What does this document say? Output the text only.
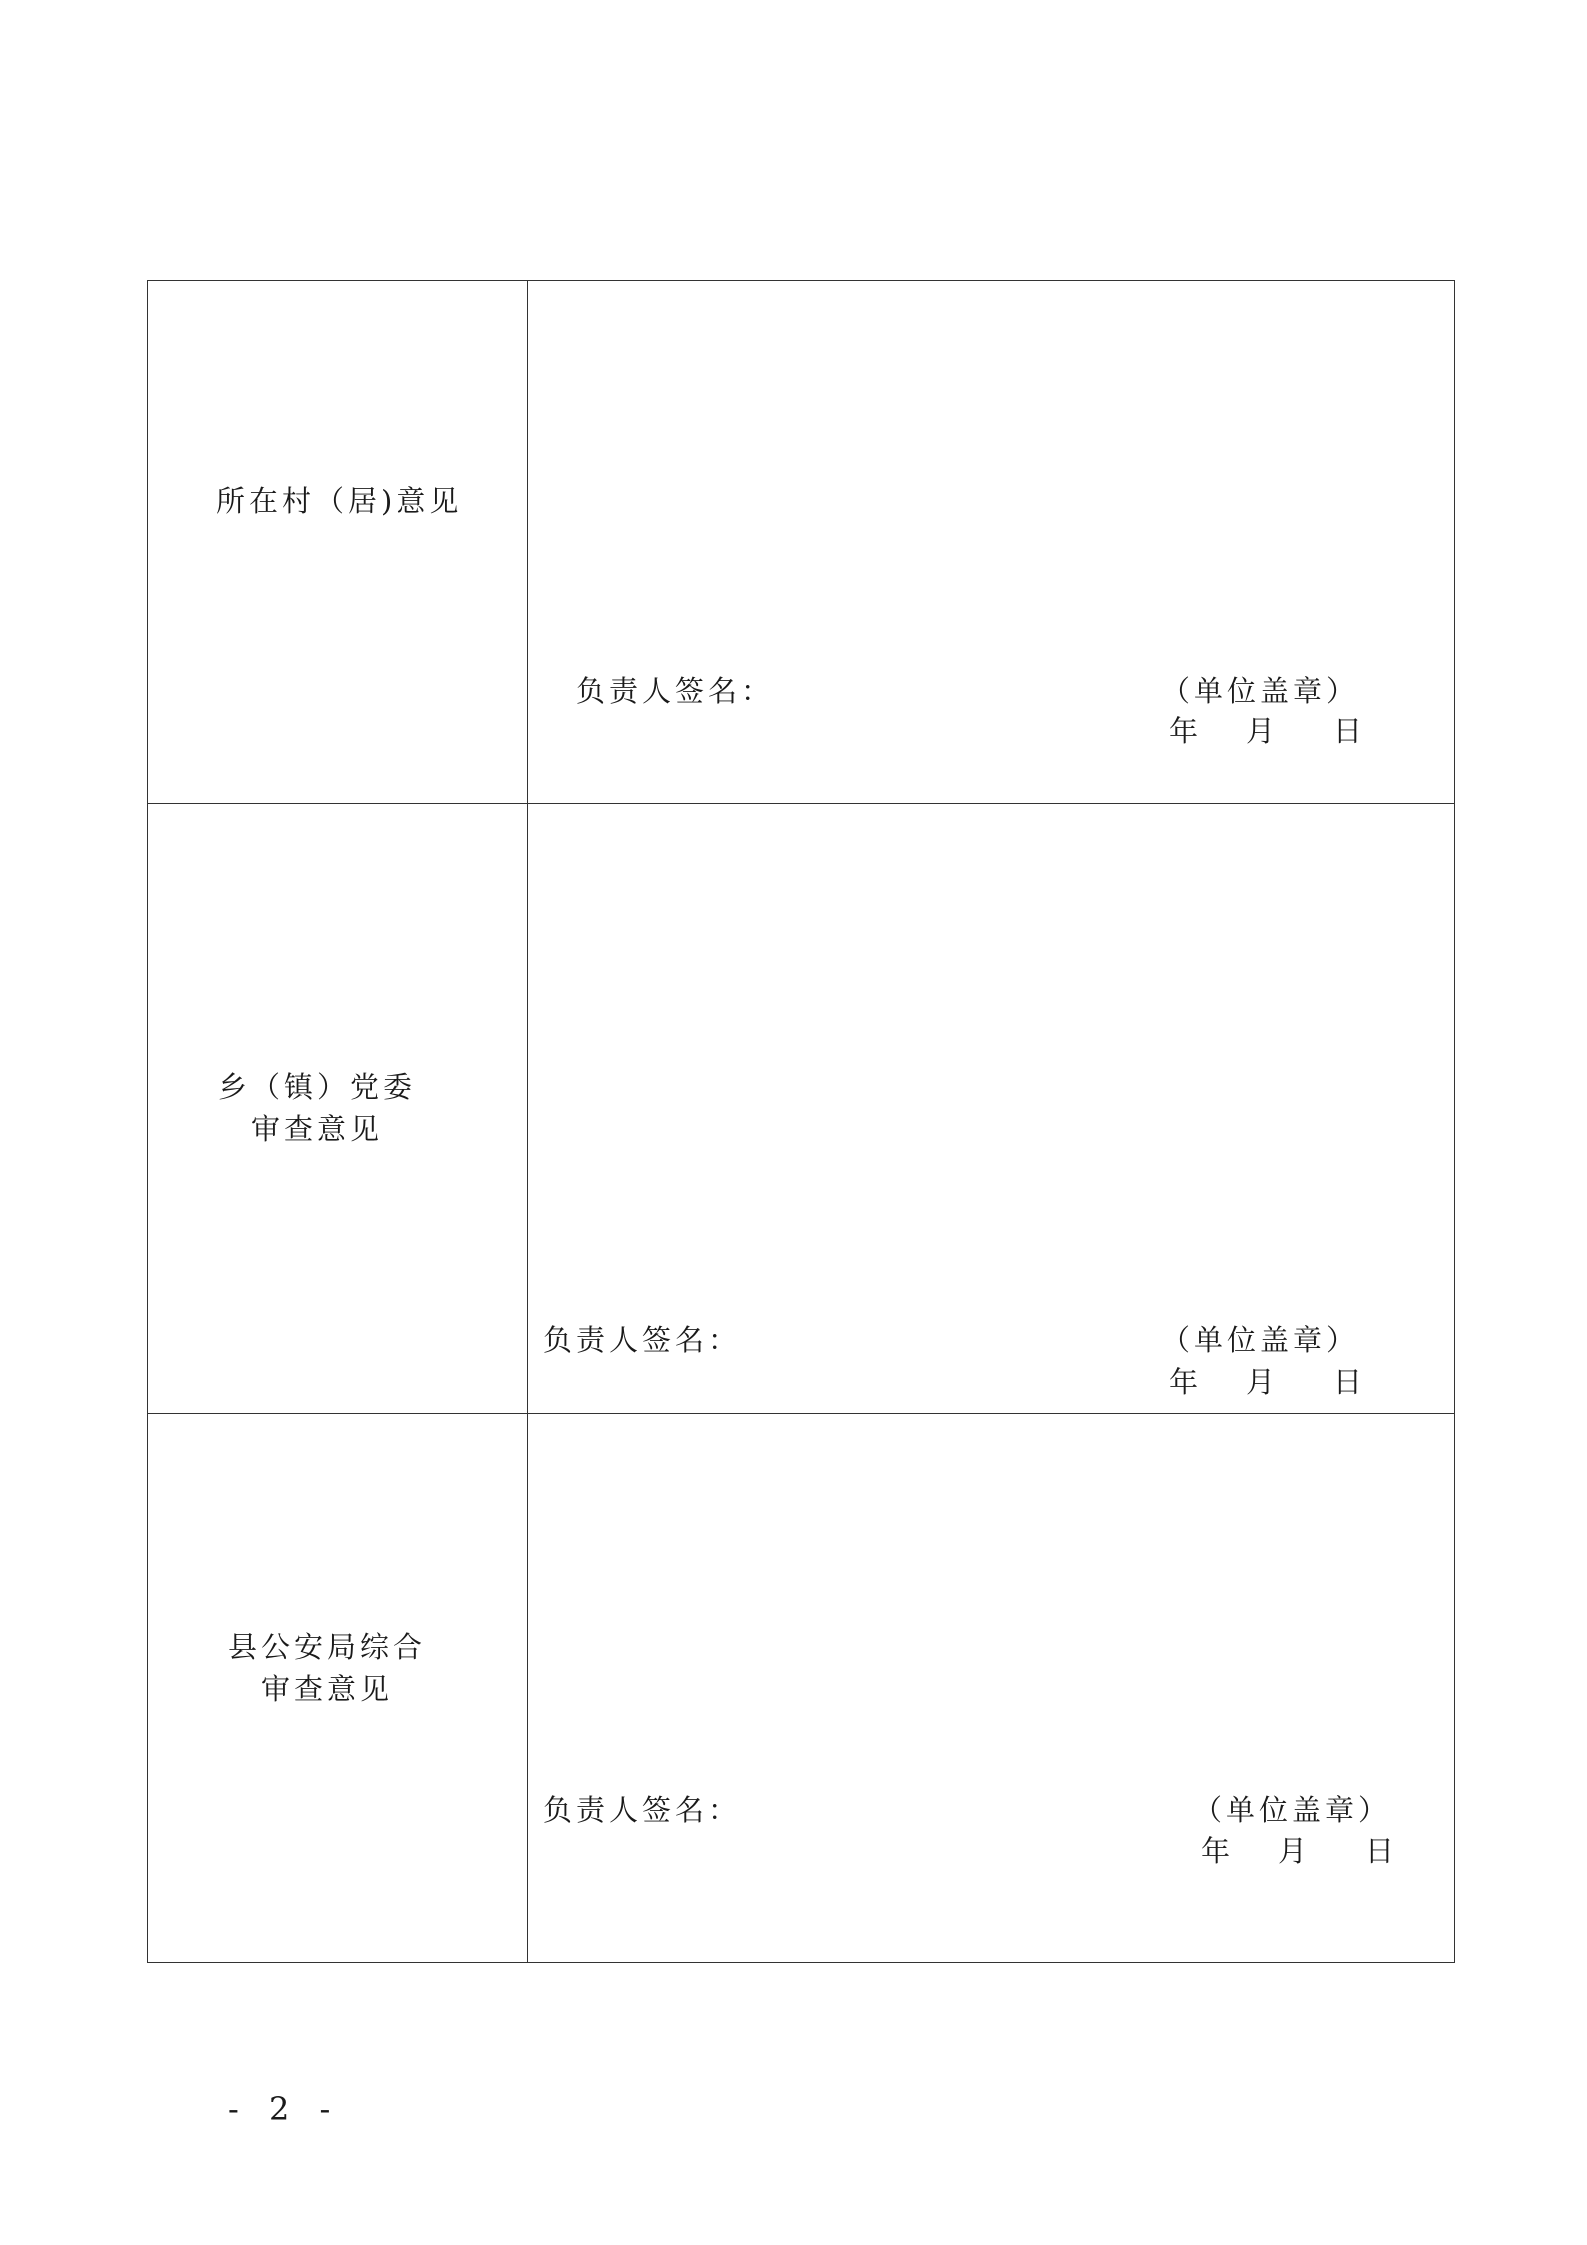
所在村（居)意见
负责人签名：	（单位盖章）
年 月 日
乡（镇）党委
审查意见
负责人签名：	（单位盖章）
年 月 日
县公安局综合
审查意见
负责人签名：	（单位盖章）
年 月 日
- 2 -
